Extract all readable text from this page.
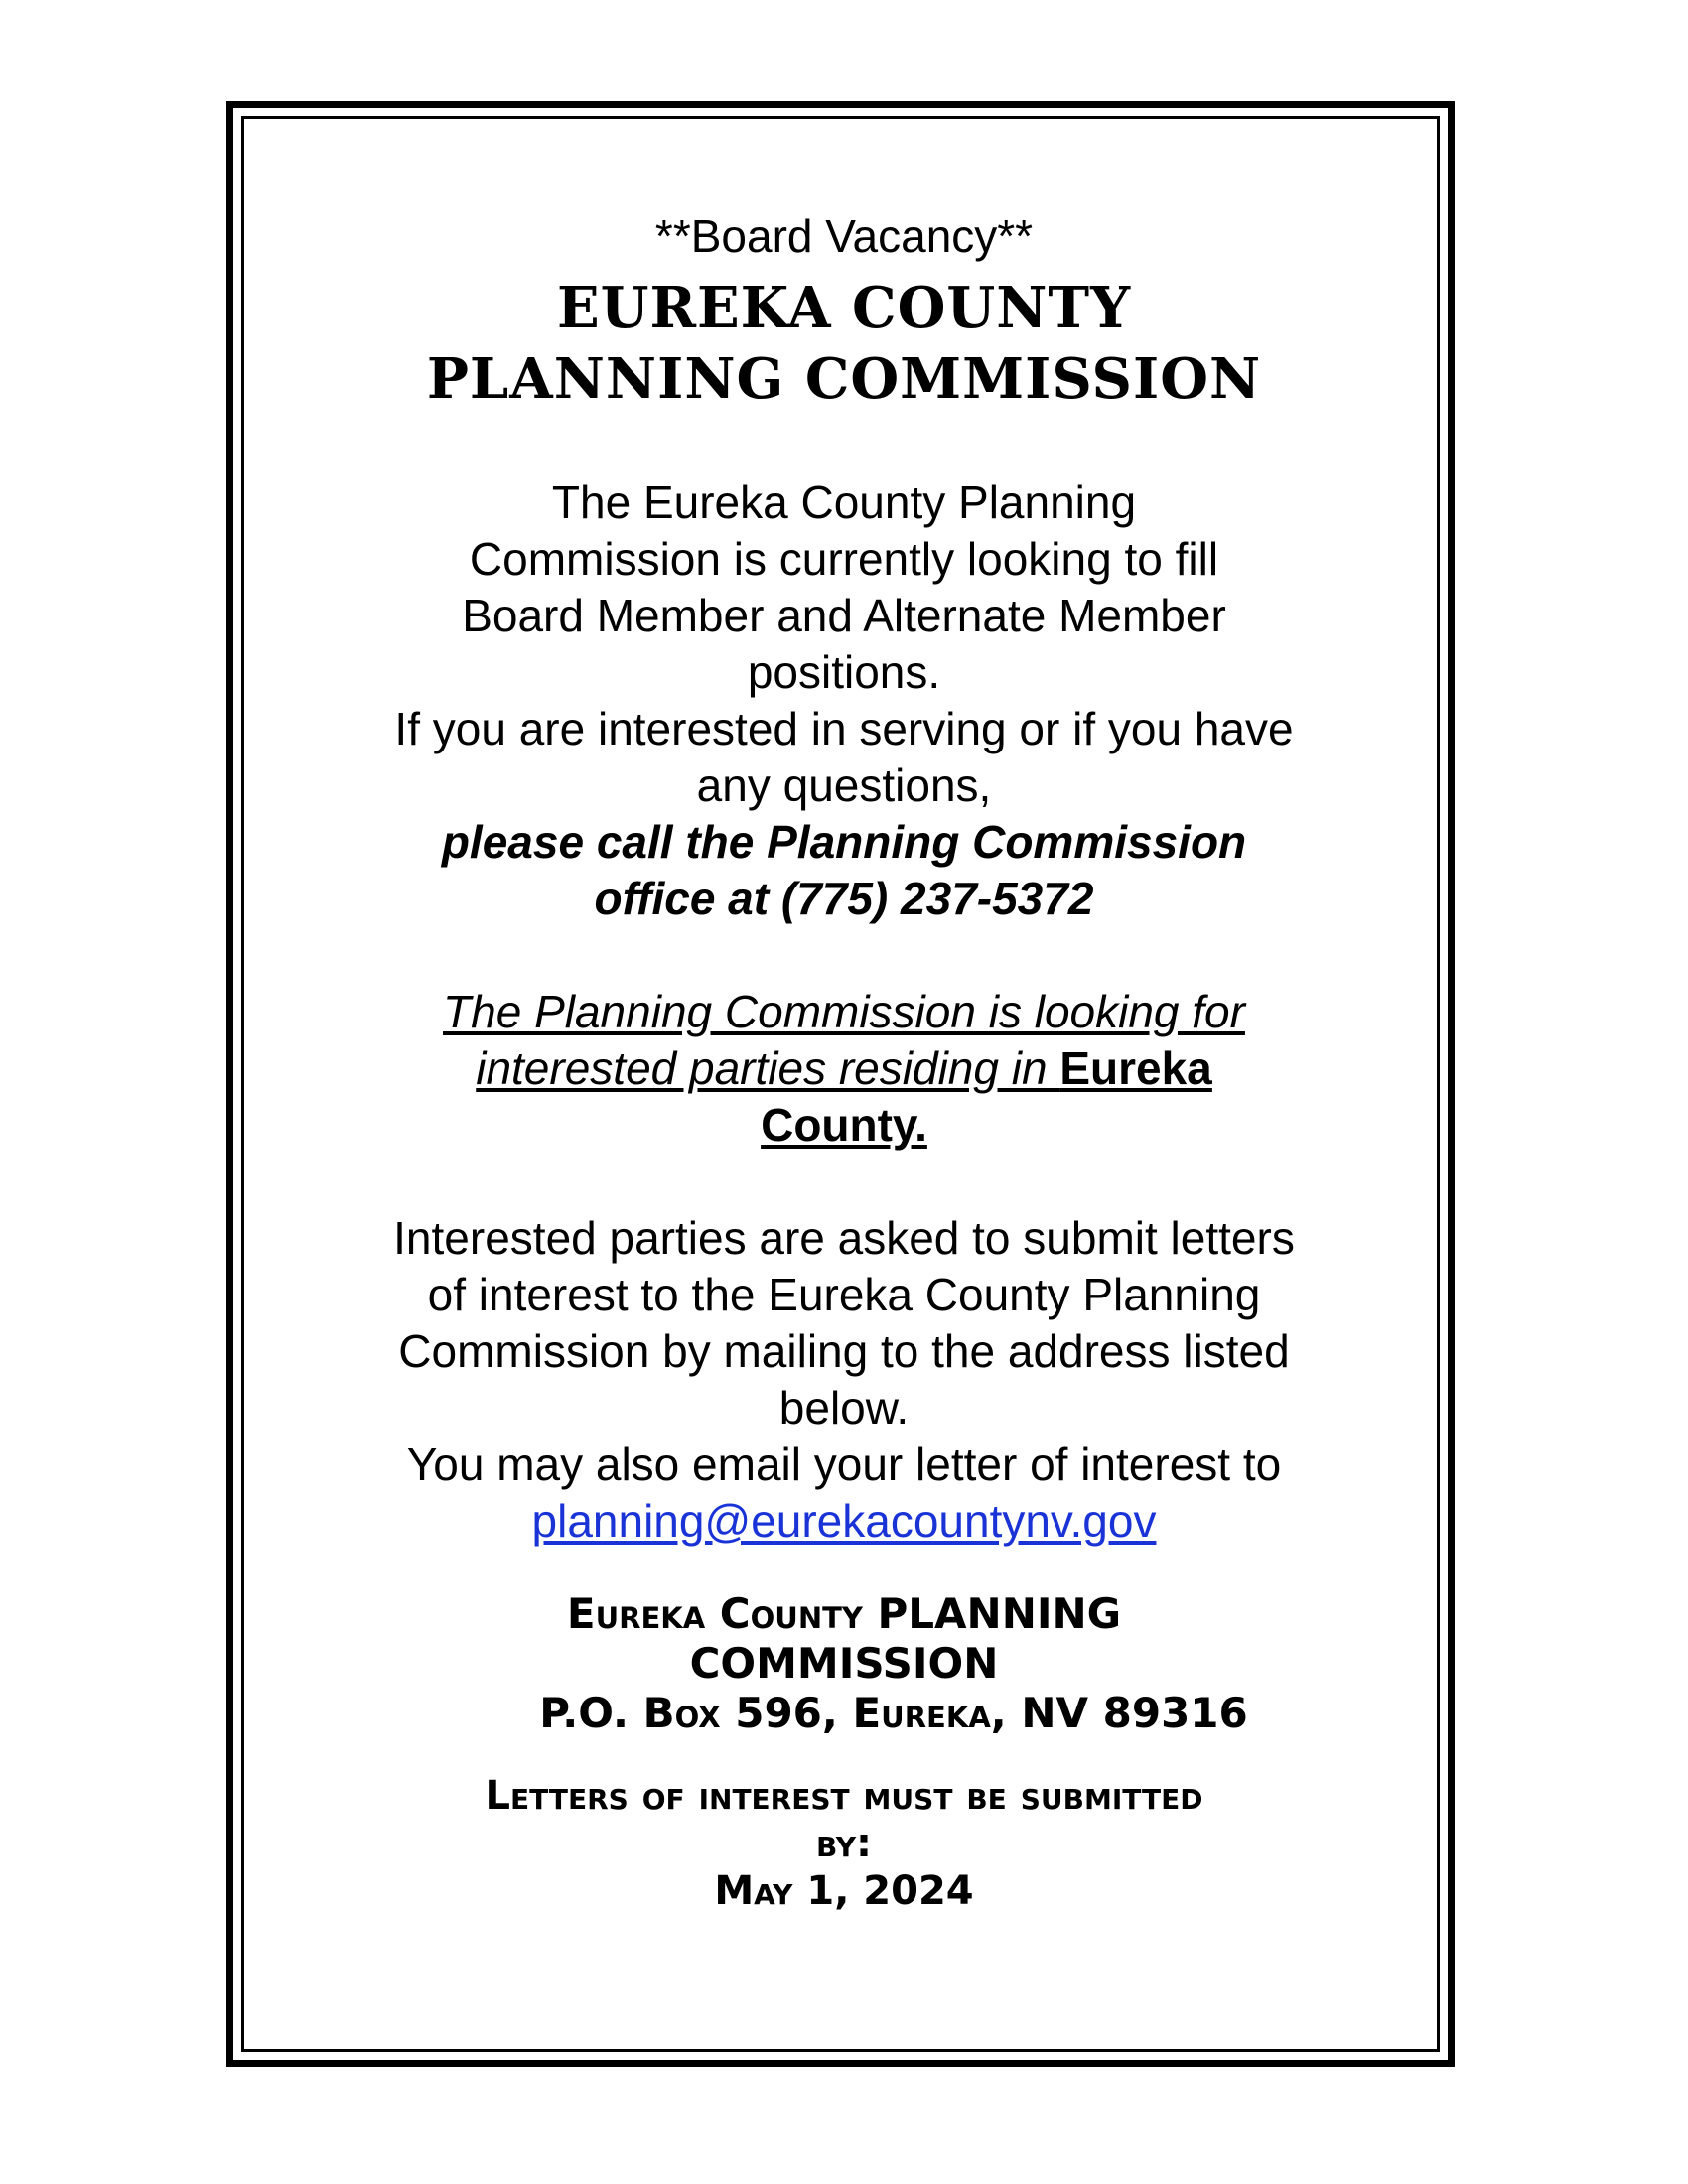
**Board Vacancy**

EUREKA COUNTY

PLANNING COMMISSION

The Eureka County Planning

Commission is currently looking to fill

Board Member and Alternate Member

positions.

If you are interested in serving or if you have

any questions,

please call the Planning Commission

office at (775) 237-5372

The Planning Commission is looking for

interested parties residing in Eureka

County.

Interested parties are asked to submit letters

of interest to the Eureka County Planning

Commission by mailing to the address listed

below.

You may also email your letter of interest to

planning@eurekacountynv.gov

Eureka County PLANNING

COMMISSION

P.O. Box 596, Eureka, NV 89316

Letters of interest must be submitted

by:

May 1, 2024
